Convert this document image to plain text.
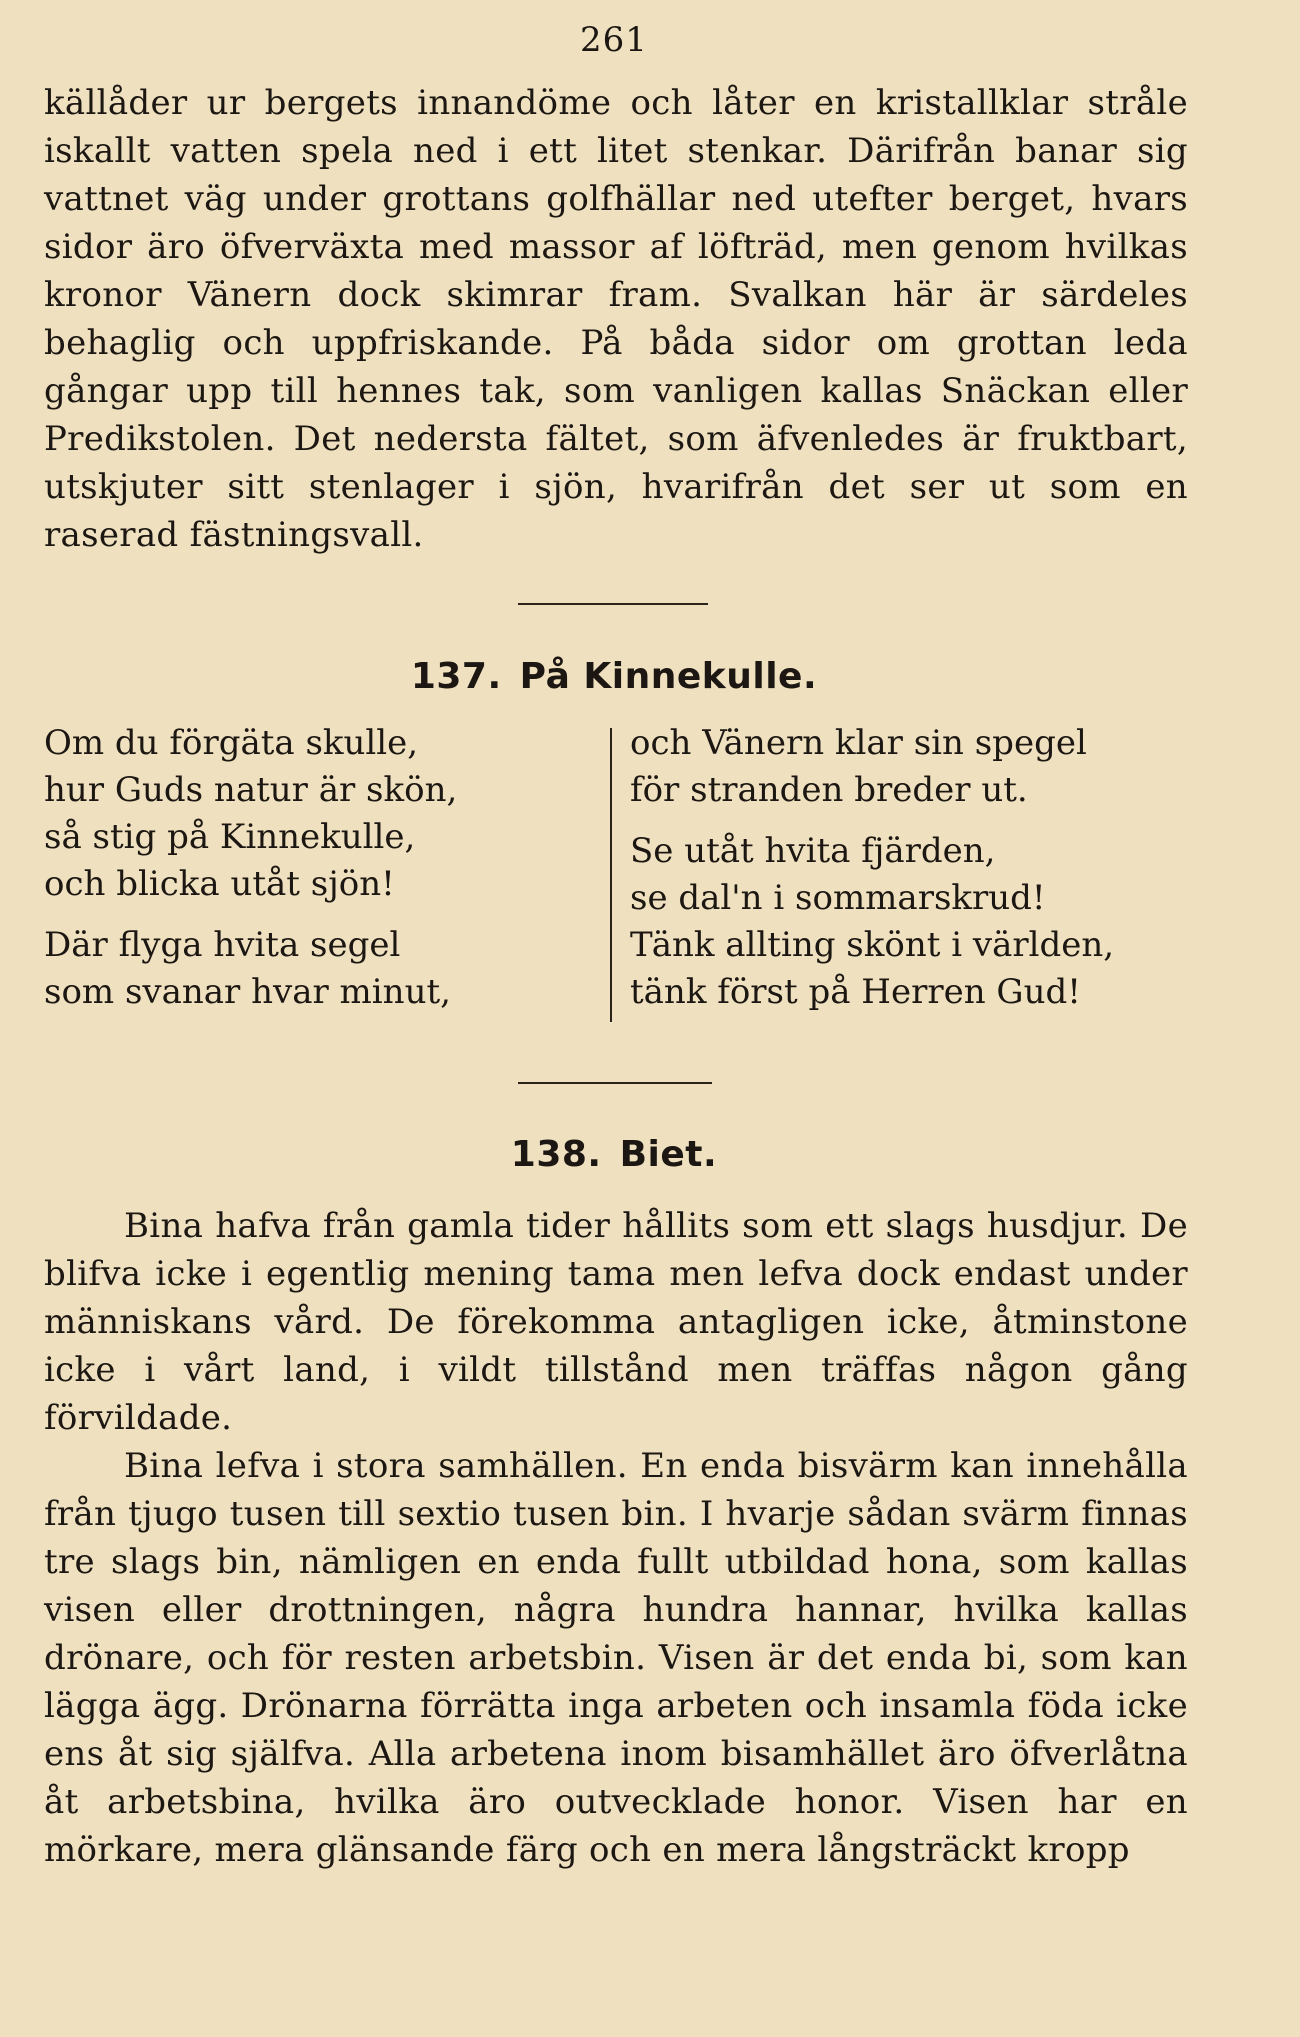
261

källåder ur bergets innandöme och låter en kristallklar stråle iskallt vatten spela ned i ett litet stenkar. Därifrån banar sig vattnet väg under grottans golfhällar ned utefter berget, hvars sidor äro öfverväxta med massor af löfträd, men genom hvilkas kronor Vänern dock skimrar fram. Svalkan här är särdeles behaglig och uppfriskande. På båda sidor om grottan leda gångar upp till hennes tak, som vanligen kallas Snäckan eller Predikstolen. Det nedersta fältet, som äfvenledes är fruktbart, utskjuter sitt stenlager i sjön, hvarifrån det ser ut som en raserad fästningsvall.

137. På Kinnekulle.
Om du förgäta skulle,
hur Guds natur är skön,
så stig på Kinnekulle,
och blicka utåt sjön!
Där flyga hvita segel
som svanar hvar minut,
och Vänern klar sin spegel
för stranden breder ut.
Se utåt hvita fjärden,
se dal'n i sommarskrud!
Tänk allting skönt i världen,
tänk först på Herren Gud!
138. Biet.

Bina hafva från gamla tider hållits som ett slags husdjur. De blifva icke i egentlig mening tama men lefva dock endast under människans vård. De förekomma antagligen icke, åtminstone icke i vårt land, i vildt tillstånd men träffas någon gång förvildade.

Bina lefva i stora samhällen. En enda bisvärm kan innehålla från tjugo tusen till sextio tusen bin. I hvarje sådan svärm finnas tre slags bin, nämligen en enda fullt utbildad hona, som kallas visen eller drottningen, några hundra hannar, hvilka kallas drönare, och för resten arbetsbin. Visen är det enda bi, som kan lägga ägg. Drönarna förrätta inga arbeten och insamla föda icke ens åt sig själfva. Alla arbetena inom bisamhället äro öfverlåtna åt arbetsbina, hvilka äro outvecklade honor. Visen har en mörkare, mera glänsande färg och en mera långsträckt kropp
